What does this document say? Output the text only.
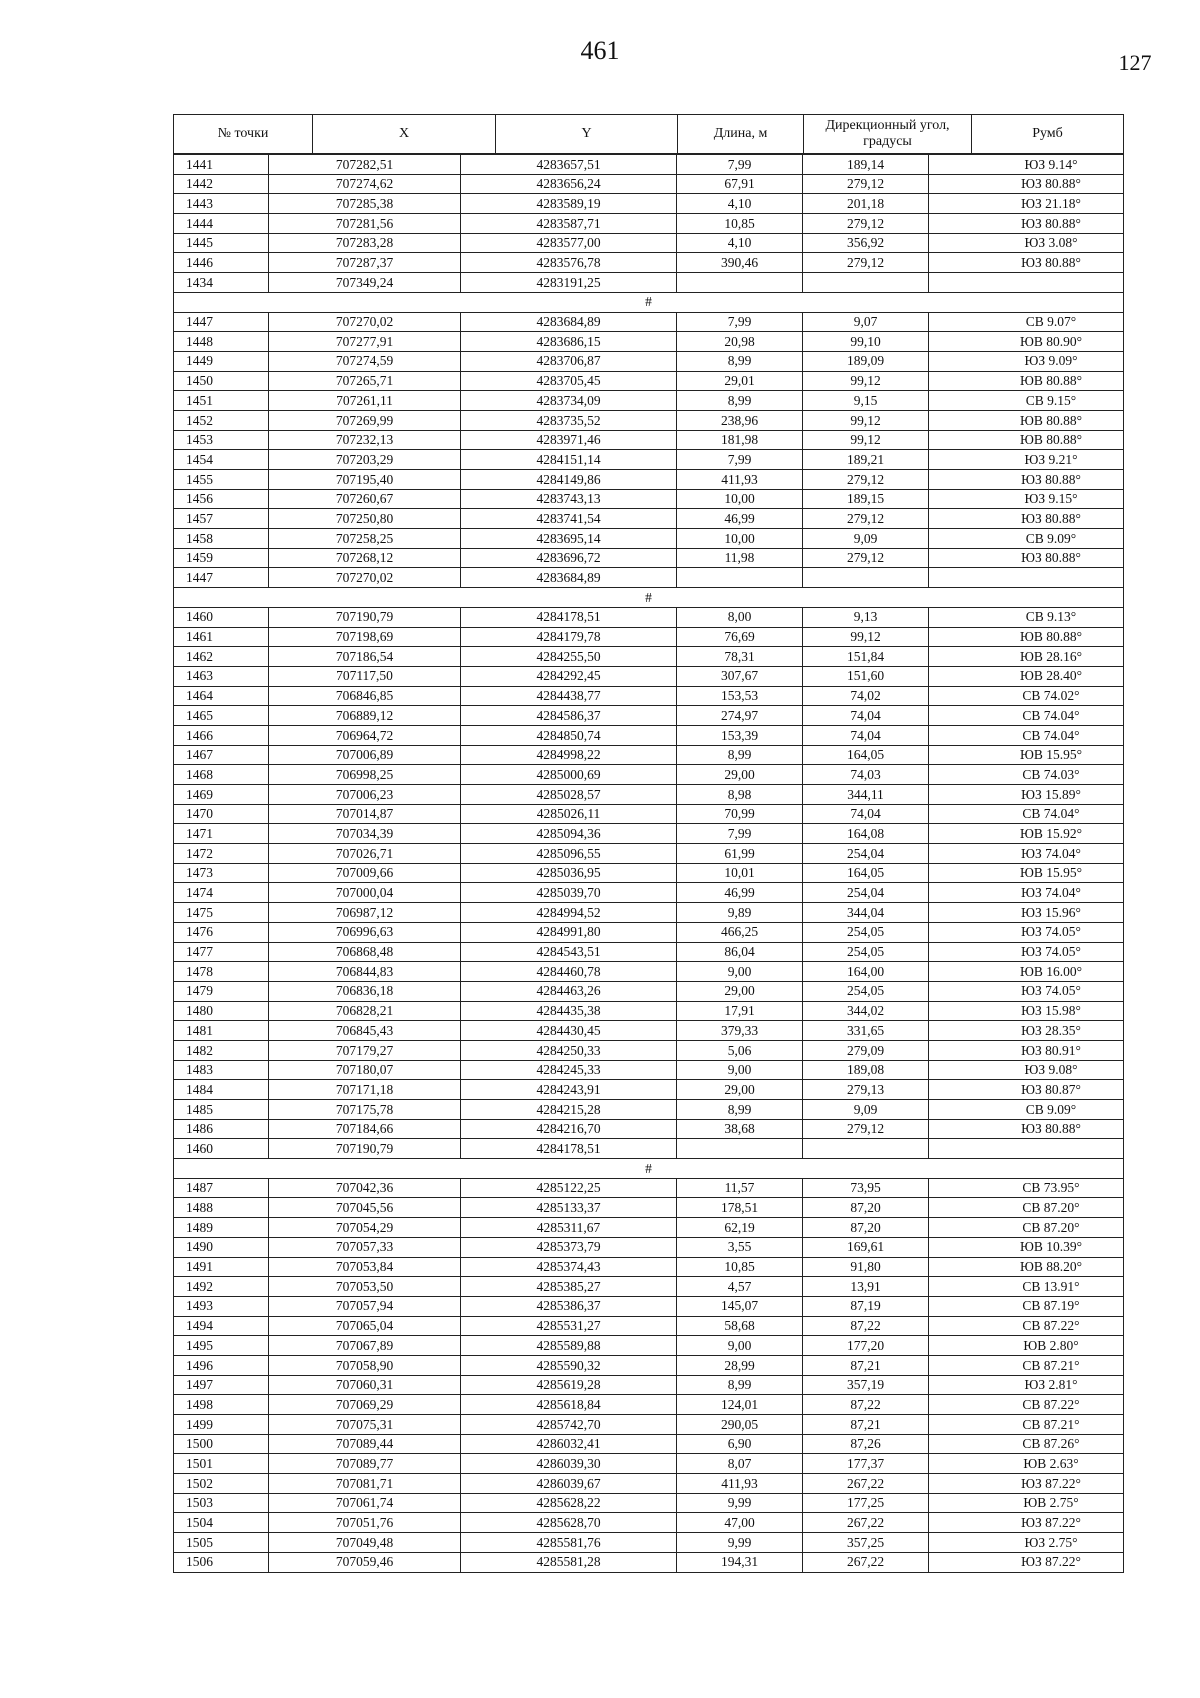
461	127
№ точки	X	Y	Длина, м	Дирекционный угол, градусы	Румб
1441	707282,51	4283657,51	7,99	189,14	ЮЗ 9.14°
1442	707274,62	4283656,24	67,91	279,12	ЮЗ 80.88°
1443	707285,38	4283589,19	4,10	201,18	ЮЗ 21.18°
1444	707281,56	4283587,71	10,85	279,12	ЮЗ 80.88°
1445	707283,28	4283577,00	4,10	356,92	ЮЗ 3.08°
1446	707287,37	4283576,78	390,46	279,12	ЮЗ 80.88°
1434	707349,24	4283191,25			
#					
1447	707270,02	4283684,89	7,99	9,07	СВ 9.07°
1448	707277,91	4283686,15	20,98	99,10	ЮВ 80.90°
1449	707274,59	4283706,87	8,99	189,09	ЮЗ 9.09°
1450	707265,71	4283705,45	29,01	99,12	ЮВ 80.88°
1451	707261,11	4283734,09	8,99	9,15	СВ 9.15°
1452	707269,99	4283735,52	238,96	99,12	ЮВ 80.88°
1453	707232,13	4283971,46	181,98	99,12	ЮВ 80.88°
1454	707203,29	4284151,14	7,99	189,21	ЮЗ 9.21°
1455	707195,40	4284149,86	411,93	279,12	ЮЗ 80.88°
1456	707260,67	4283743,13	10,00	189,15	ЮЗ 9.15°
1457	707250,80	4283741,54	46,99	279,12	ЮЗ 80.88°
1458	707258,25	4283695,14	10,00	9,09	СВ 9.09°
1459	707268,12	4283696,72	11,98	279,12	ЮЗ 80.88°
1447	707270,02	4283684,89			
#					
1460	707190,79	4284178,51	8,00	9,13	СВ 9.13°
1461	707198,69	4284179,78	76,69	99,12	ЮВ 80.88°
1462	707186,54	4284255,50	78,31	151,84	ЮВ 28.16°
1463	707117,50	4284292,45	307,67	151,60	ЮВ 28.40°
1464	706846,85	4284438,77	153,53	74,02	СВ 74.02°
1465	706889,12	4284586,37	274,97	74,04	СВ 74.04°
1466	706964,72	4284850,74	153,39	74,04	СВ 74.04°
1467	707006,89	4284998,22	8,99	164,05	ЮВ 15.95°
1468	706998,25	4285000,69	29,00	74,03	СВ 74.03°
1469	707006,23	4285028,57	8,98	344,11	ЮЗ 15.89°
1470	707014,87	4285026,11	70,99	74,04	СВ 74.04°
1471	707034,39	4285094,36	7,99	164,08	ЮВ 15.92°
1472	707026,71	4285096,55	61,99	254,04	ЮЗ 74.04°
1473	707009,66	4285036,95	10,01	164,05	ЮВ 15.95°
1474	707000,04	4285039,70	46,99	254,04	ЮЗ 74.04°
1475	706987,12	4284994,52	9,89	344,04	ЮЗ 15.96°
1476	706996,63	4284991,80	466,25	254,05	ЮЗ 74.05°
1477	706868,48	4284543,51	86,04	254,05	ЮЗ 74.05°
1478	706844,83	4284460,78	9,00	164,00	ЮВ 16.00°
1479	706836,18	4284463,26	29,00	254,05	ЮЗ 74.05°
1480	706828,21	4284435,38	17,91	344,02	ЮЗ 15.98°
1481	706845,43	4284430,45	379,33	331,65	ЮЗ 28.35°
1482	707179,27	4284250,33	5,06	279,09	ЮЗ 80.91°
1483	707180,07	4284245,33	9,00	189,08	ЮЗ 9.08°
1484	707171,18	4284243,91	29,00	279,13	ЮЗ 80.87°
1485	707175,78	4284215,28	8,99	9,09	СВ 9.09°
1486	707184,66	4284216,70	38,68	279,12	ЮЗ 80.88°
1460	707190,79	4284178,51			
#					
1487	707042,36	4285122,25	11,57	73,95	СВ 73.95°
1488	707045,56	4285133,37	178,51	87,20	СВ 87.20°
1489	707054,29	4285311,67	62,19	87,20	СВ 87.20°
1490	707057,33	4285373,79	3,55	169,61	ЮВ 10.39°
1491	707053,84	4285374,43	10,85	91,80	ЮВ 88.20°
1492	707053,50	4285385,27	4,57	13,91	СВ 13.91°
1493	707057,94	4285386,37	145,07	87,19	СВ 87.19°
1494	707065,04	4285531,27	58,68	87,22	СВ 87.22°
1495	707067,89	4285589,88	9,00	177,20	ЮВ 2.80°
1496	707058,90	4285590,32	28,99	87,21	СВ 87.21°
1497	707060,31	4285619,28	8,99	357,19	ЮЗ 2.81°
1498	707069,29	4285618,84	124,01	87,22	СВ 87.22°
1499	707075,31	4285742,70	290,05	87,21	СВ 87.21°
1500	707089,44	4286032,41	6,90	87,26	СВ 87.26°
1501	707089,77	4286039,30	8,07	177,37	ЮВ 2.63°
1502	707081,71	4286039,67	411,93	267,22	ЮЗ 87.22°
1503	707061,74	4285628,22	9,99	177,25	ЮВ 2.75°
1504	707051,76	4285628,70	47,00	267,22	ЮЗ 87.22°
1505	707049,48	4285581,76	9,99	357,25	ЮЗ 2.75°
1506	707059,46	4285581,28	194,31	267,22	ЮЗ 87.22°
